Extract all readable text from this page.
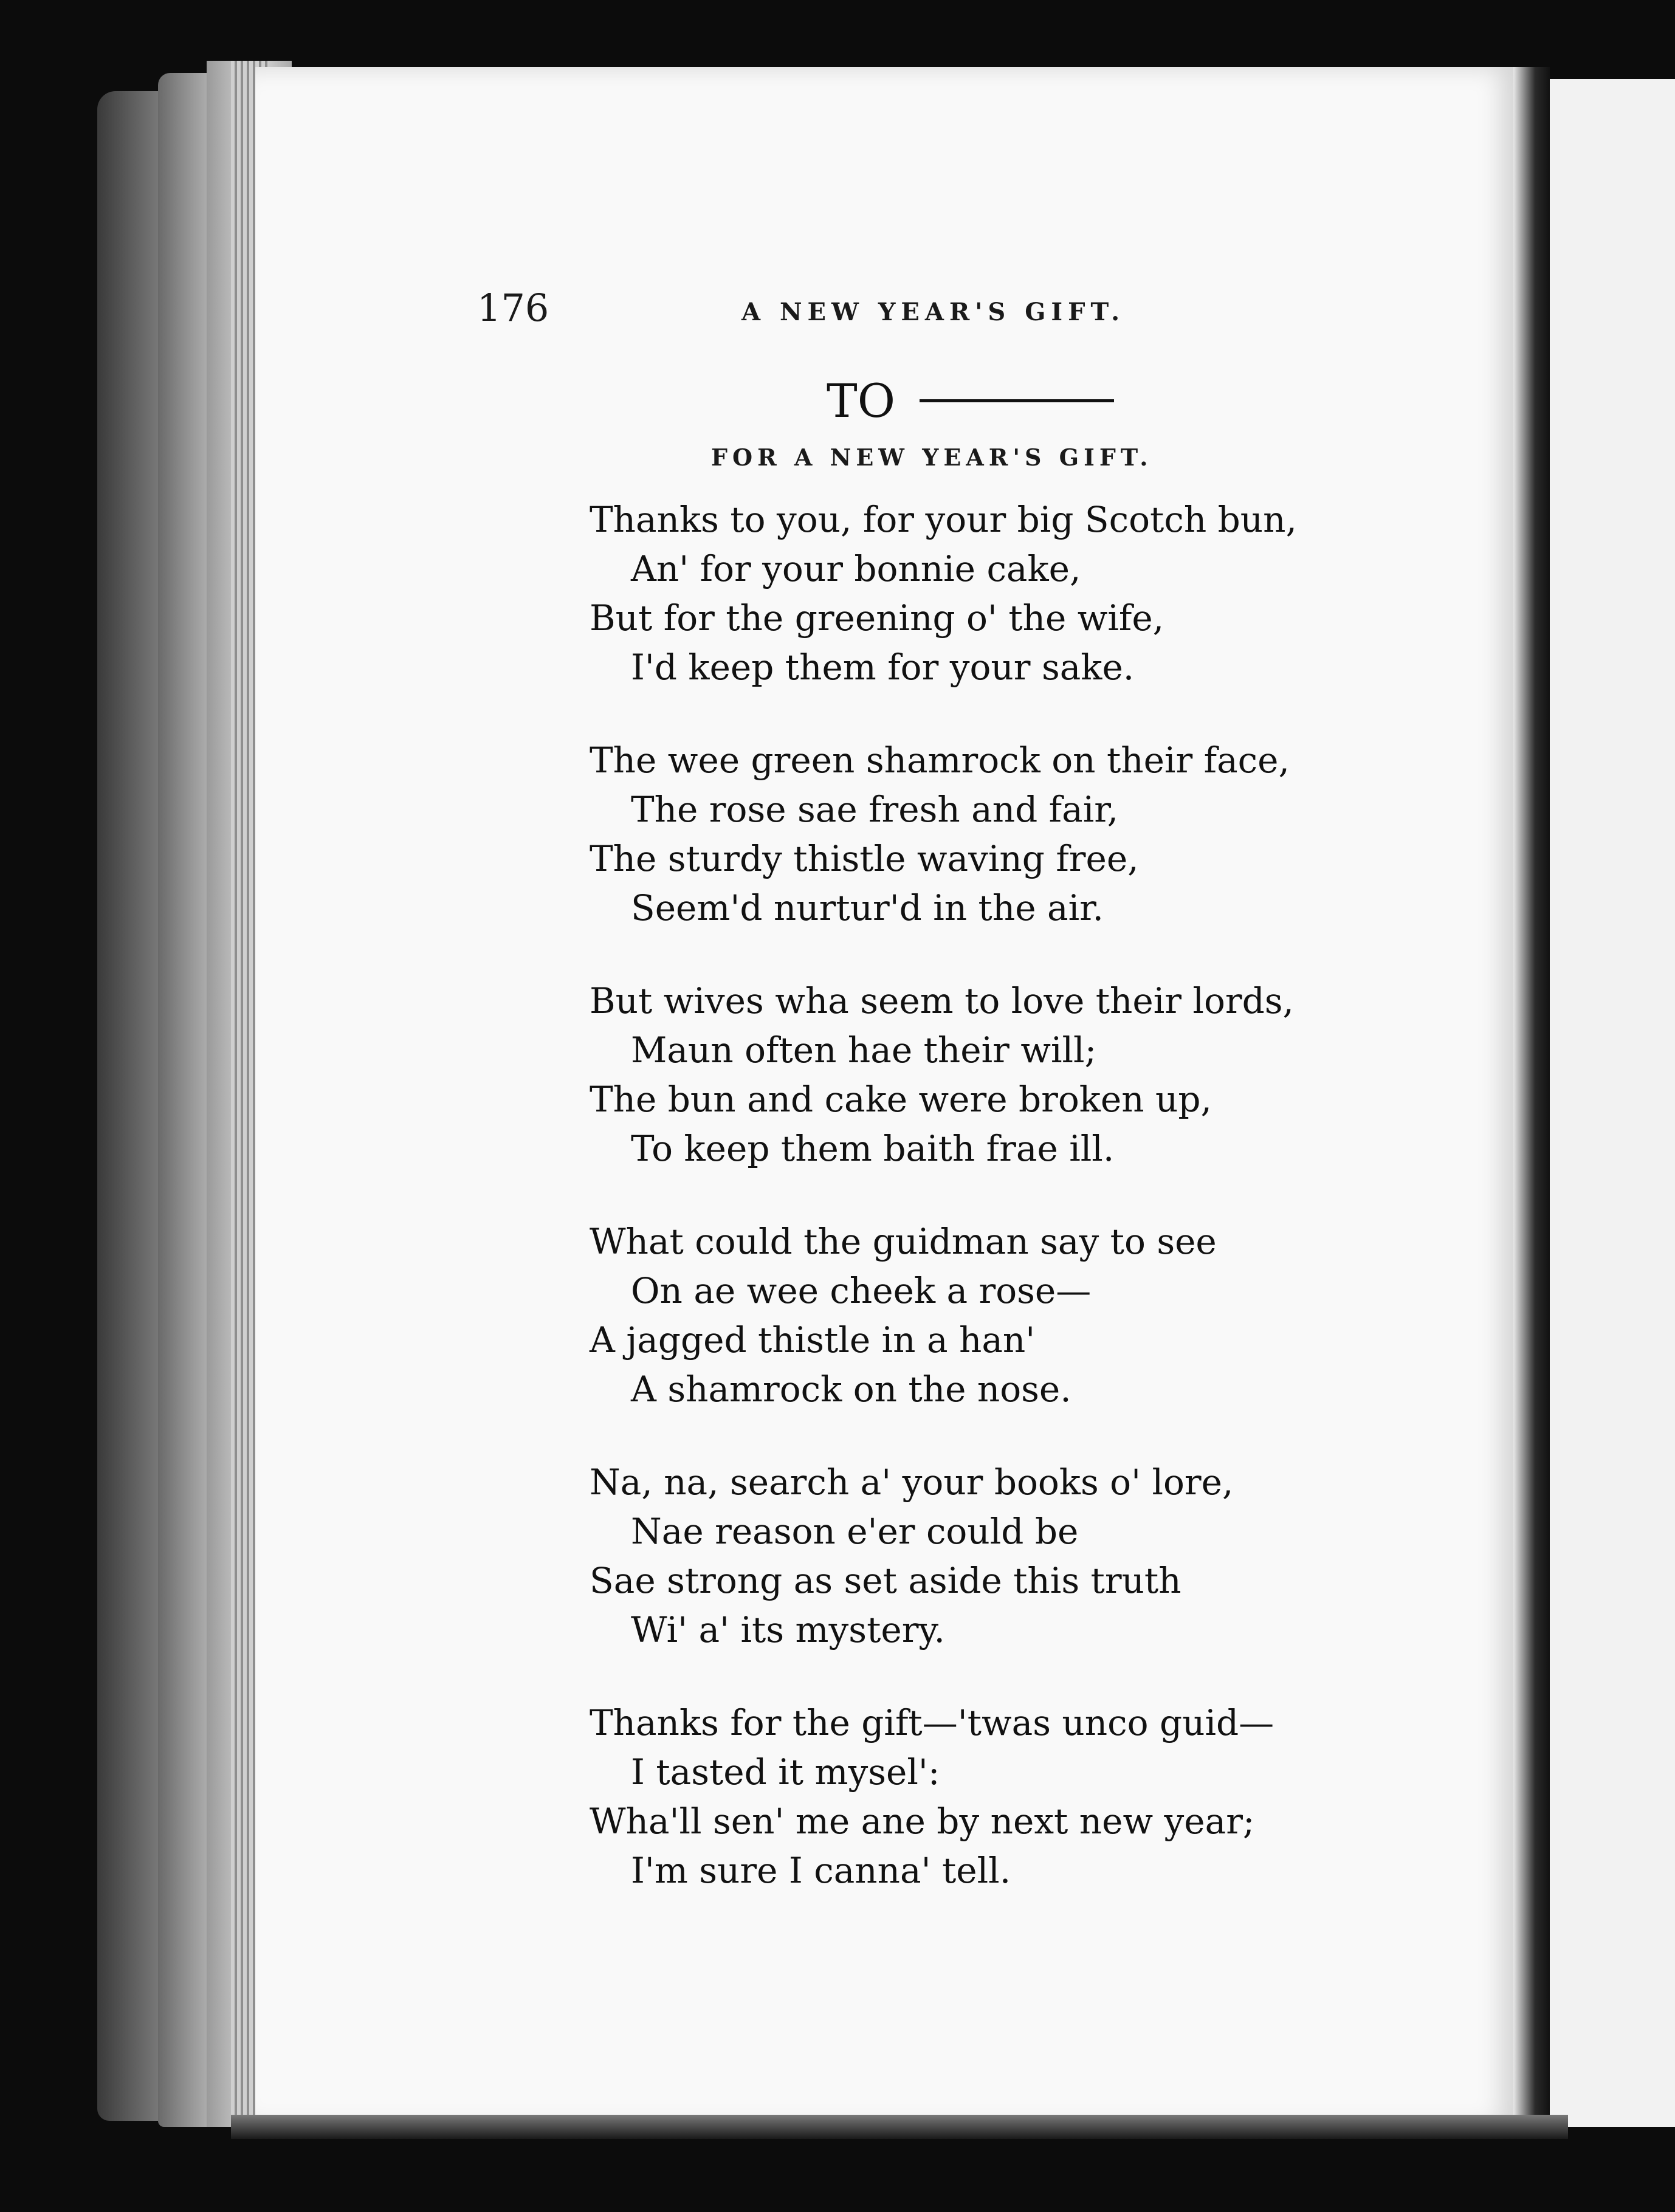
176	A NEW YEAR'S GIFT.
TO
FOR A NEW YEAR'S GIFT.
Thanks to you, for your big Scotch bun,
An' for your bonnie cake,
But for the greening o' the wife,
I'd keep them for your sake.
The wee green shamrock on their face,
The rose sae fresh and fair,
The sturdy thistle waving free,
Seem'd nurtur'd in the air.
But wives wha seem to love their lords,
Maun often hae their will;
The bun and cake were broken up,
To keep them baith frae ill.
What could the guidman say to see
On ae wee cheek a rose—
A jagged thistle in a han'
A shamrock on the nose.
Na, na, search a' your books o' lore,
Nae reason e'er could be
Sae strong as set aside this truth
Wi' a' its mystery.
Thanks for the gift—'twas unco guid—
I tasted it mysel':
Wha'll sen' me ane by next new year;
I'm sure I canna' tell.
